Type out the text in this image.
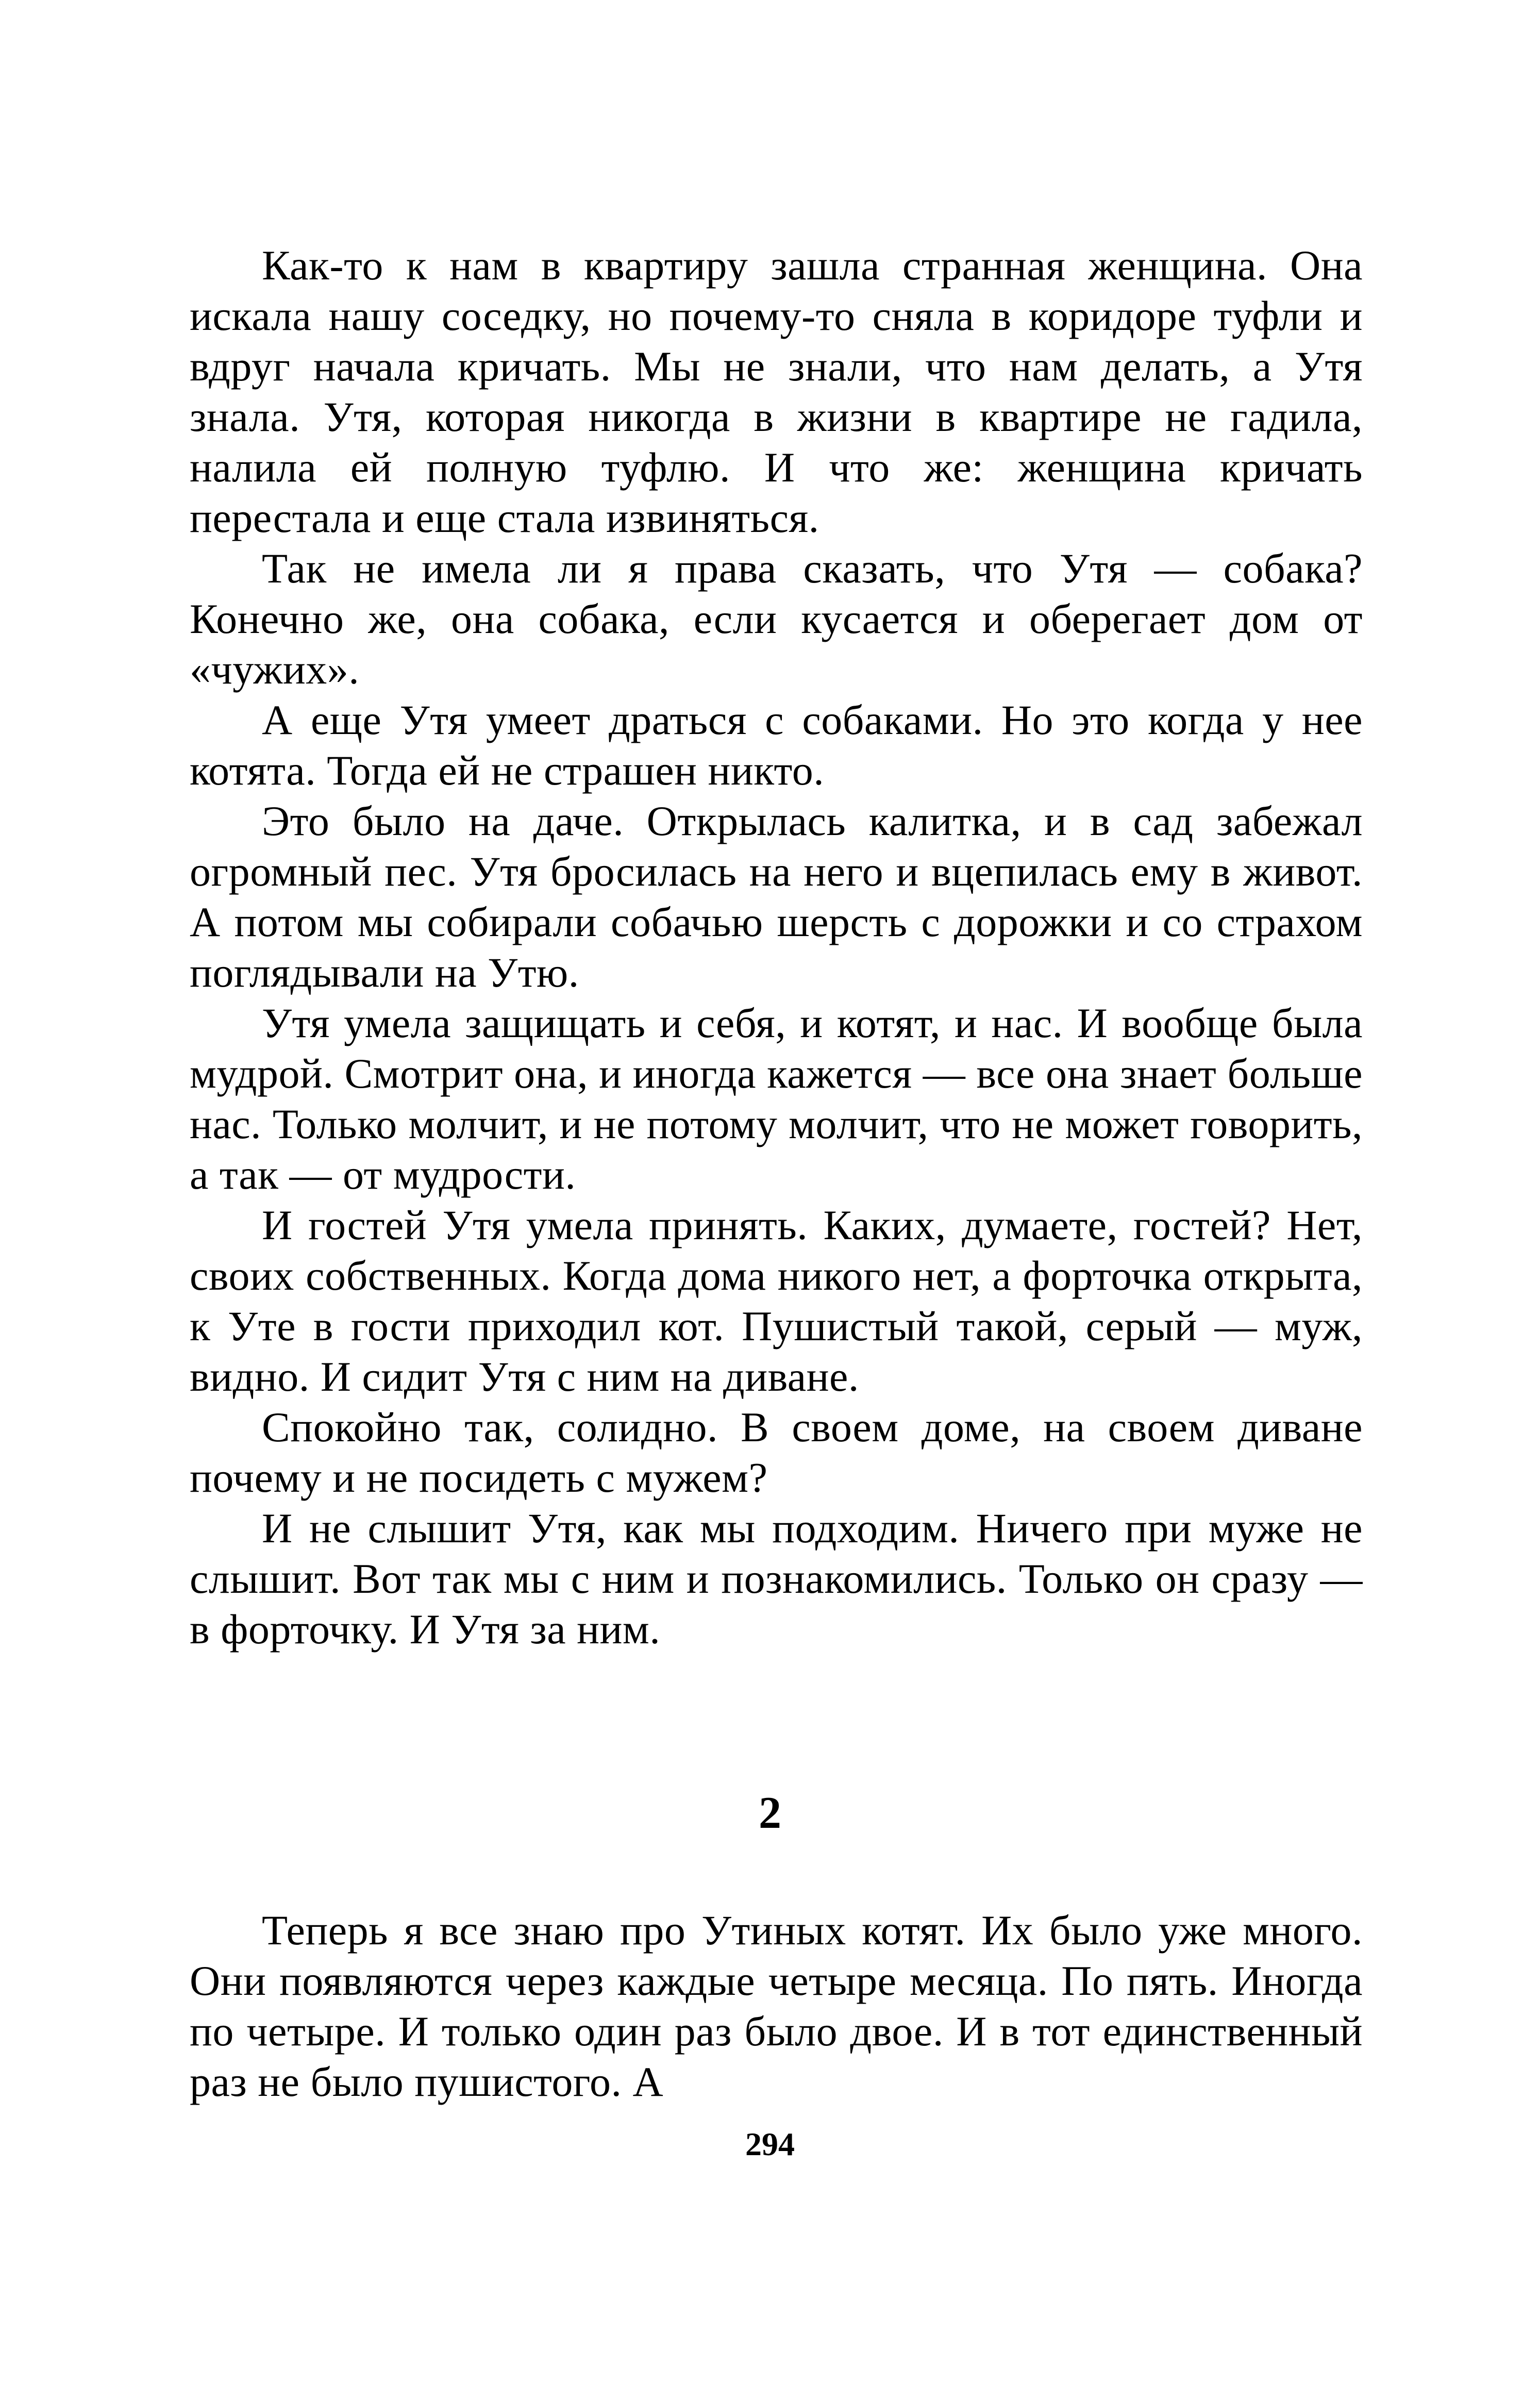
Как-то к нам в квартиру зашла странная женщина. Она искала нашу соседку, но почему-то сняла в коридоре туфли и вдруг начала кричать. Мы не знали, что нам делать, а Утя знала. Утя, которая никогда в жизни в квартире не гадила, налила ей полную туфлю. И что же: женщина кричать перестала и еще стала извиняться.

Так не имела ли я права сказать, что Утя — собака? Конечно же, она собака, если кусается и оберегает дом от «чужих».

А еще Утя умеет драться с собаками. Но это когда у нее котята. Тогда ей не страшен никто.

Это было на даче. Открылась калитка, и в сад забежал огромный пес. Утя бросилась на него и вцепилась ему в живот. А потом мы собирали собачью шерсть с дорожки и со страхом поглядывали на Утю.

Утя умела защищать и себя, и котят, и нас. И вообще была мудрой. Смотрит она, и иногда кажется — все она знает больше нас. Только молчит, и не потому молчит, что не может говорить, а так — от мудрости.

И гостей Утя умела принять. Каких, думаете, гостей? Нет, своих собственных. Когда дома никого нет, а форточка открыта, к Уте в гости приходил кот. Пушистый такой, серый — муж, видно. И сидит Утя с ним на диване.

Спокойно так, солидно. В своем доме, на своем диване почему и не посидеть с мужем?

И не слышит Утя, как мы подходим. Ничего при муже не слышит. Вот так мы с ним и познакомились. Только он сразу — в форточку. И Утя за ним.

2

Теперь я все знаю про Утиных котят. Их было уже много. Они появляются через каждые четыре месяца. По пять. Иногда по четыре. И только один раз было двое. И в тот единственный раз не было пушистого. А

294
